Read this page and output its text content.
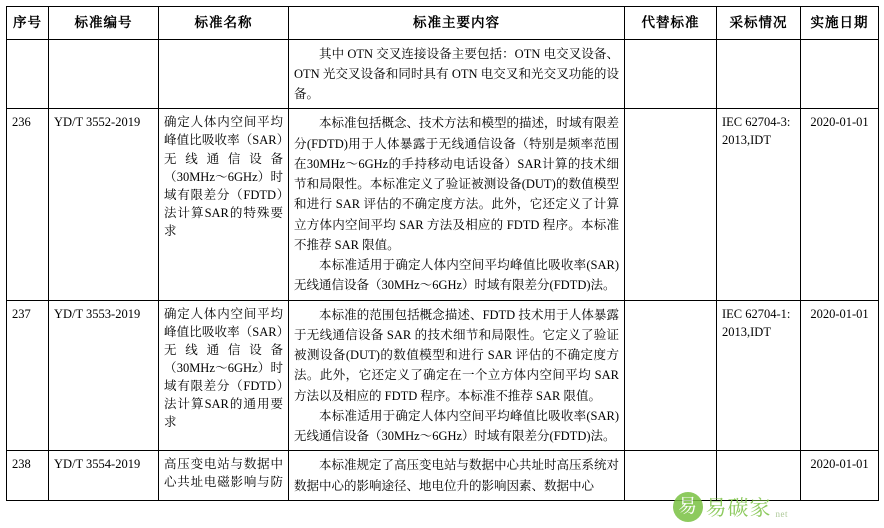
序号	标准编号	标准名称	标准主要内容	代替标准	采标情况	实施日期

			其中 OTN 交叉连接设备主要包括：OTN 电交叉设备、OTN 光交叉设备和同时具有 OTN 电交叉和光交叉功能的设备。			

236	YD/T 3552-2019	确定人体内空间平均峰值比吸收率（SAR）无线通信设备（30MHz～6GHz）时域有限差分（FDTD）法计算SAR的特殊要求	本标准包括概念、技术方法和模型的描述，时域有限差分(FDTD)用于人体暴露于无线通信设备（特别是频率范围在30MHz～6GHz的手持移动电话设备）SAR计算的技术细节和局限性。本标准定义了验证被测设备(DUT)的数值模型和进行 SAR 评估的不确定度方法。此外，它还定义了计算立方体内空间平均 SAR 方法及相应的 FDTD 程序。本标准不推荐 SAR 限值。

本标准适用于确定人体内空间平均峰值比吸收率(SAR) 无线通信设备（30MHz～6GHz）时域有限差分(FDTD)法。		IEC 62704-3:2013,IDT	2020-01-01
237	YD/T 3553-2019	确定人体内空间平均峰值比吸收率（SAR）无线通信设备（30MHz～6GHz）时域有限差分（FDTD）法计算SAR的通用要求	本标准的范围包括概念描述、FDTD 技术用于人体暴露于无线通信设备 SAR 的技术细节和局限性。它定义了验证被测设备(DUT)的数值模型和进行 SAR 评估的不确定度方法。此外，它还定义了确定在一个立方体内空间平均 SAR 方法以及相应的 FDTD 程序。本标准不推荐 SAR 限值。

本标准适用于确定人体内空间平均峰值比吸收率(SAR) 无线通信设备（30MHz～6GHz）时域有限差分(FDTD)法。		IEC 62704-1:2013,IDT	2020-01-01
238	YD/T 3554-2019	高压变电站与数据中心共址电磁影响与防	本标准规定了高压变电站与数据中心共址时高压系统对数据中心的影响途径、地电位升的影响因素、数据中心			2020-01-01
易 易碳家 net
